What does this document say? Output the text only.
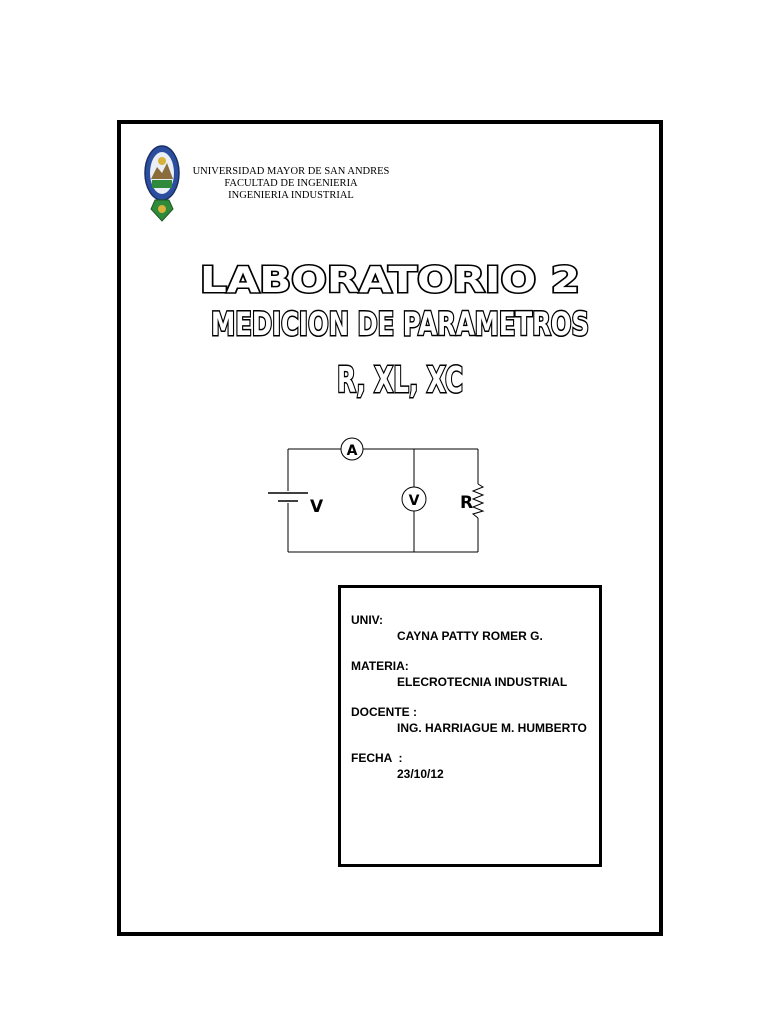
UNIVERSIDAD MAYOR DE SAN ANDRES
FACULTAD DE INGENIERIA
INGENIERIA INDUSTRIAL
LABORATORIO 2
MEDICION DE PARAMETROS
R, XL, XC
V
A
V R
UNIV:
CAYNA PATTY ROMER G.
MATERIA:
ELECROTECNIA INDUSTRIAL
DOCENTE :
ING. HARRIAGUE M. HUMBERTO
FECHA  :
23/10/12
